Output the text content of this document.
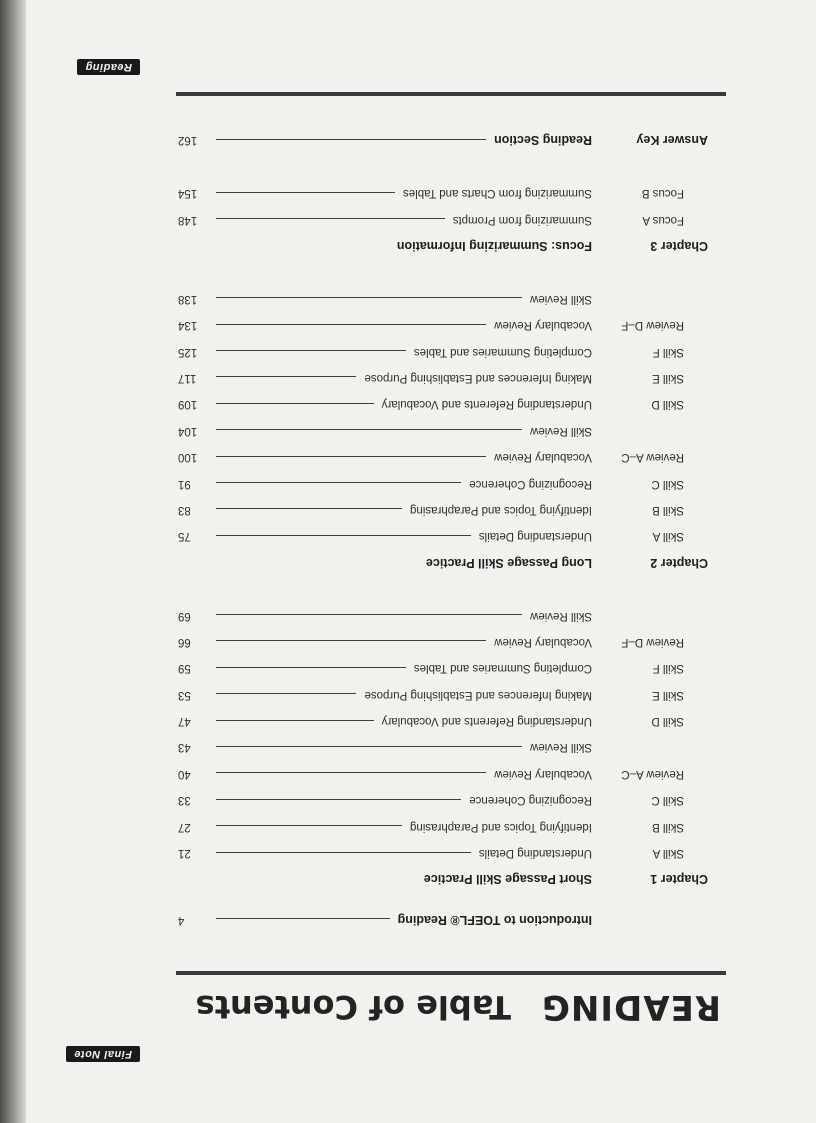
Final Note
READING
Table of Contents
Introduction to TOEFL® Reading
4
Chapter 1
Short Passage Skill Practice
Skill A
Understanding Details
21
Skill B
Identifying Topics and Paraphrasing
27
Skill C
Recognizing Coherence
33
Review A–C
Vocabulary Review
40
Skill Review
43
Skill D
Understanding Referents and Vocabulary
47
Skill E
Making Inferences and Establishing Purpose
53
Skill F
Completing Summaries and Tables
59
Review D–F
Vocabulary Review
66
Skill Review
69
Chapter 2
Long Passage Skill Practice
Skill A
Understanding Details
75
Skill B
Identifying Topics and Paraphrasing
83
Skill C
Recognizing Coherence
91
Review A–C
Vocabulary Review
100
Skill Review
104
Skill D
Understanding Referents and Vocabulary
109
Skill E
Making Inferences and Establishing Purpose
117
Skill F
Completing Summaries and Tables
125
Review D–F
Vocabulary Review
134
Skill Review
138
Chapter 3
Focus: Summarizing Information
Focus A
Summarizing from Prompts
148
Focus B
Summarizing from Charts and Tables
154
Answer Key
Reading Section
162
Reading
